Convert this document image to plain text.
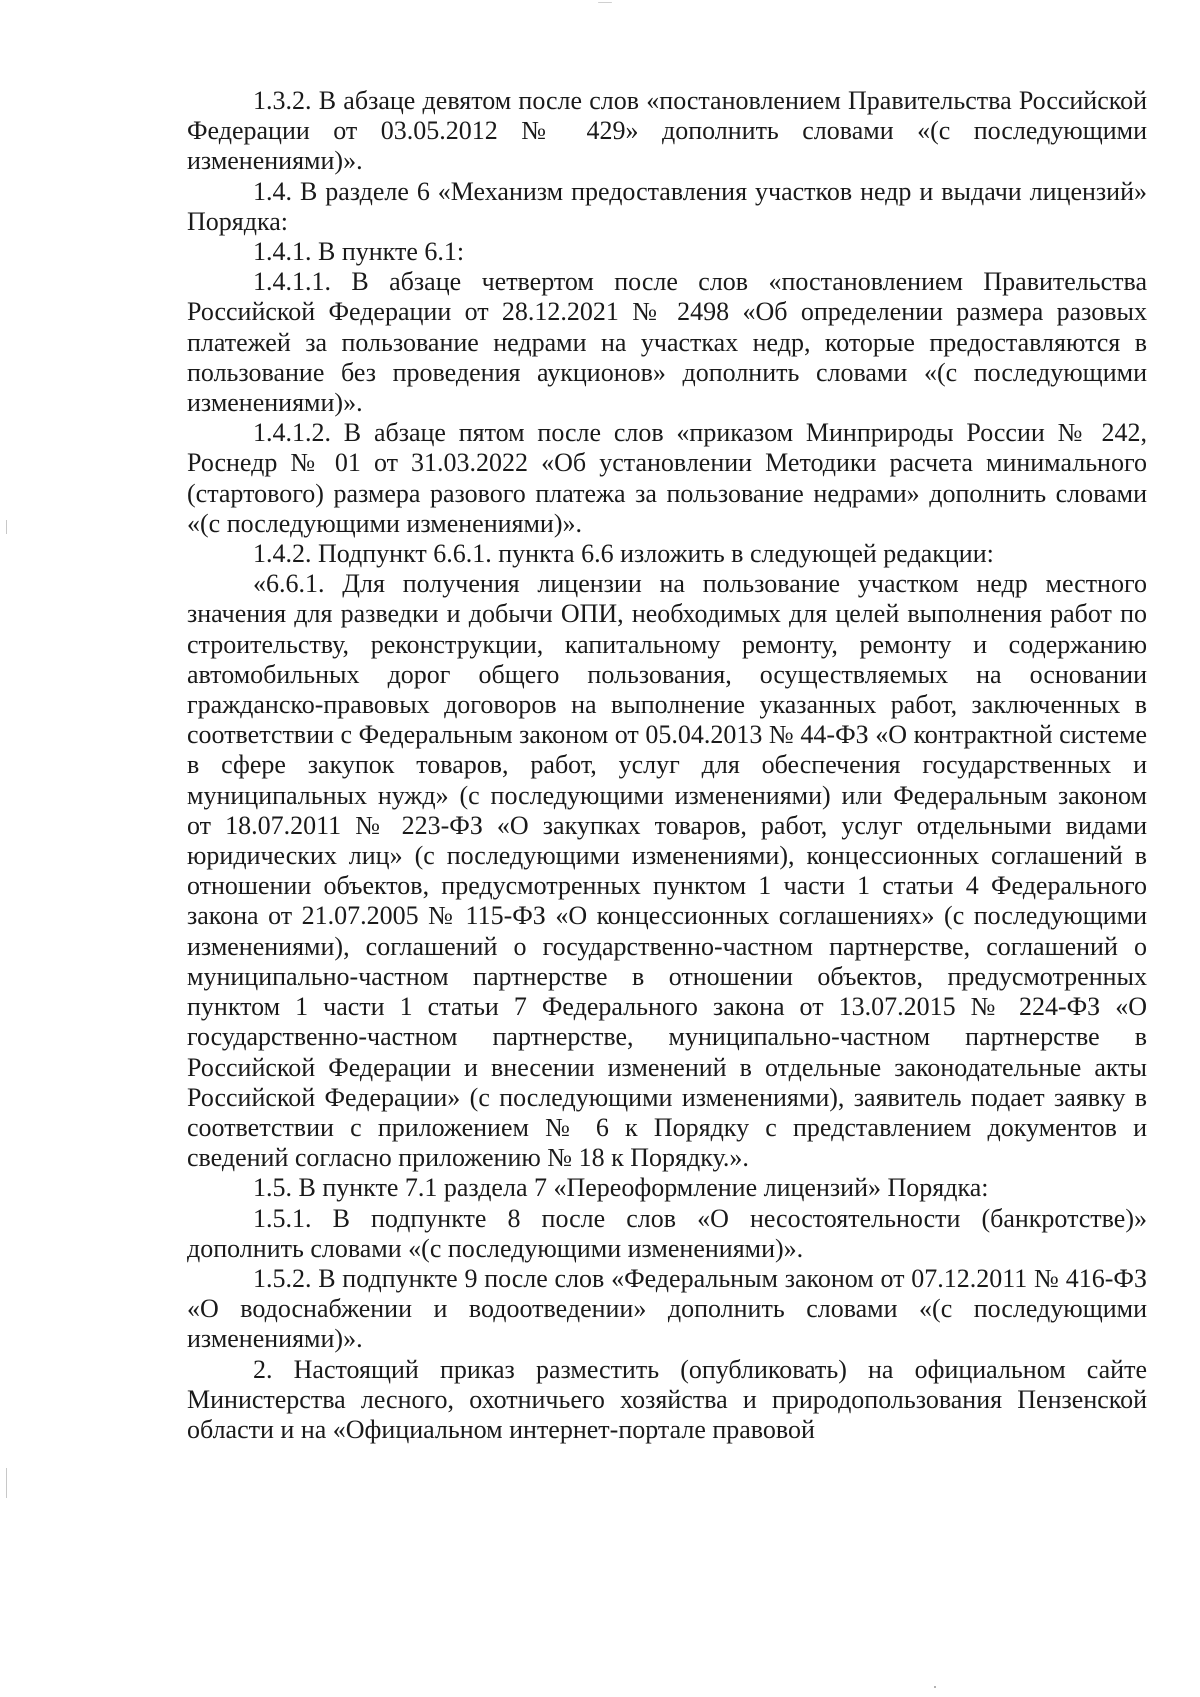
1.3.2. В абзаце девятом после слов «постановлением Правительства Российской Федерации от 03.05.2012 № 429» дополнить словами «(с последующими изменениями)».

1.4. В разделе 6 «Механизм предоставления участков недр и выдачи лицензий» Порядка:

1.4.1. В пункте 6.1:

1.4.1.1. В абзаце четвертом после слов «постановлением Правительства Российской Федерации от 28.12.2021 № 2498 «Об определении размера разовых платежей за пользование недрами на участках недр, которые предоставляются в пользование без проведения аукционов» дополнить словами «(с последующими изменениями)».

1.4.1.2. В абзаце пятом после слов «приказом Минприроды России № 242, Роснедр № 01 от 31.03.2022 «Об установлении Методики расчета минимального (стартового) размера разового платежа за пользование недрами» дополнить словами «(с последующими изменениями)».

1.4.2. Подпункт 6.6.1. пункта 6.6 изложить в следующей редакции:

«6.6.1. Для получения лицензии на пользование участком недр местного значения для разведки и добычи ОПИ, необходимых для целей выполнения работ по строительству, реконструкции, капитальному ремонту, ремонту и содержанию автомобильных дорог общего пользования, осуществляемых на основании гражданско-правовых договоров на выполнение указанных работ, заключенных в соответствии с Федеральным законом от 05.04.2013 № 44-ФЗ «О контрактной системе в сфере закупок товаров, работ, услуг для обеспечения государственных и муниципальных нужд» (с последующими изменениями) или Федеральным законом от 18.07.2011 № 223-ФЗ «О закупках товаров, работ, услуг отдельными видами юридических лиц» (с последующими изменениями), концессионных соглашений в отношении объектов, предусмотренных пунктом 1 части 1 статьи 4 Федерального закона от 21.07.2005 № 115-ФЗ «О концессионных соглашениях» (с последующими изменениями), соглашений о государственно-частном партнерстве, соглашений о муниципально-частном партнерстве в отношении объектов, предусмотренных пунктом 1 части 1 статьи 7 Федерального закона от 13.07.2015 № 224-ФЗ «О государственно-частном партнерстве, муниципально-частном партнерстве в Российской Федерации и внесении изменений в отдельные законодательные акты Российской Федерации» (с последующими изменениями), заявитель подает заявку в соответствии с приложением № 6 к Порядку с представлением документов и сведений согласно приложению № 18 к Порядку.».

1.5. В пункте 7.1 раздела 7 «Переоформление лицензий» Порядка:

1.5.1. В подпункте 8 после слов «О несостоятельности (банкротстве)» дополнить словами «(с последующими изменениями)».

1.5.2. В подпункте 9 после слов «Федеральным законом от 07.12.2011 № 416-ФЗ «О водоснабжении и водоотведении» дополнить словами «(с последующими изменениями)».

2. Настоящий приказ разместить (опубликовать) на официальном сайте Министерства лесного, охотничьего хозяйства и природопользования Пензенской области и на «Официальном интернет-портале правовой
